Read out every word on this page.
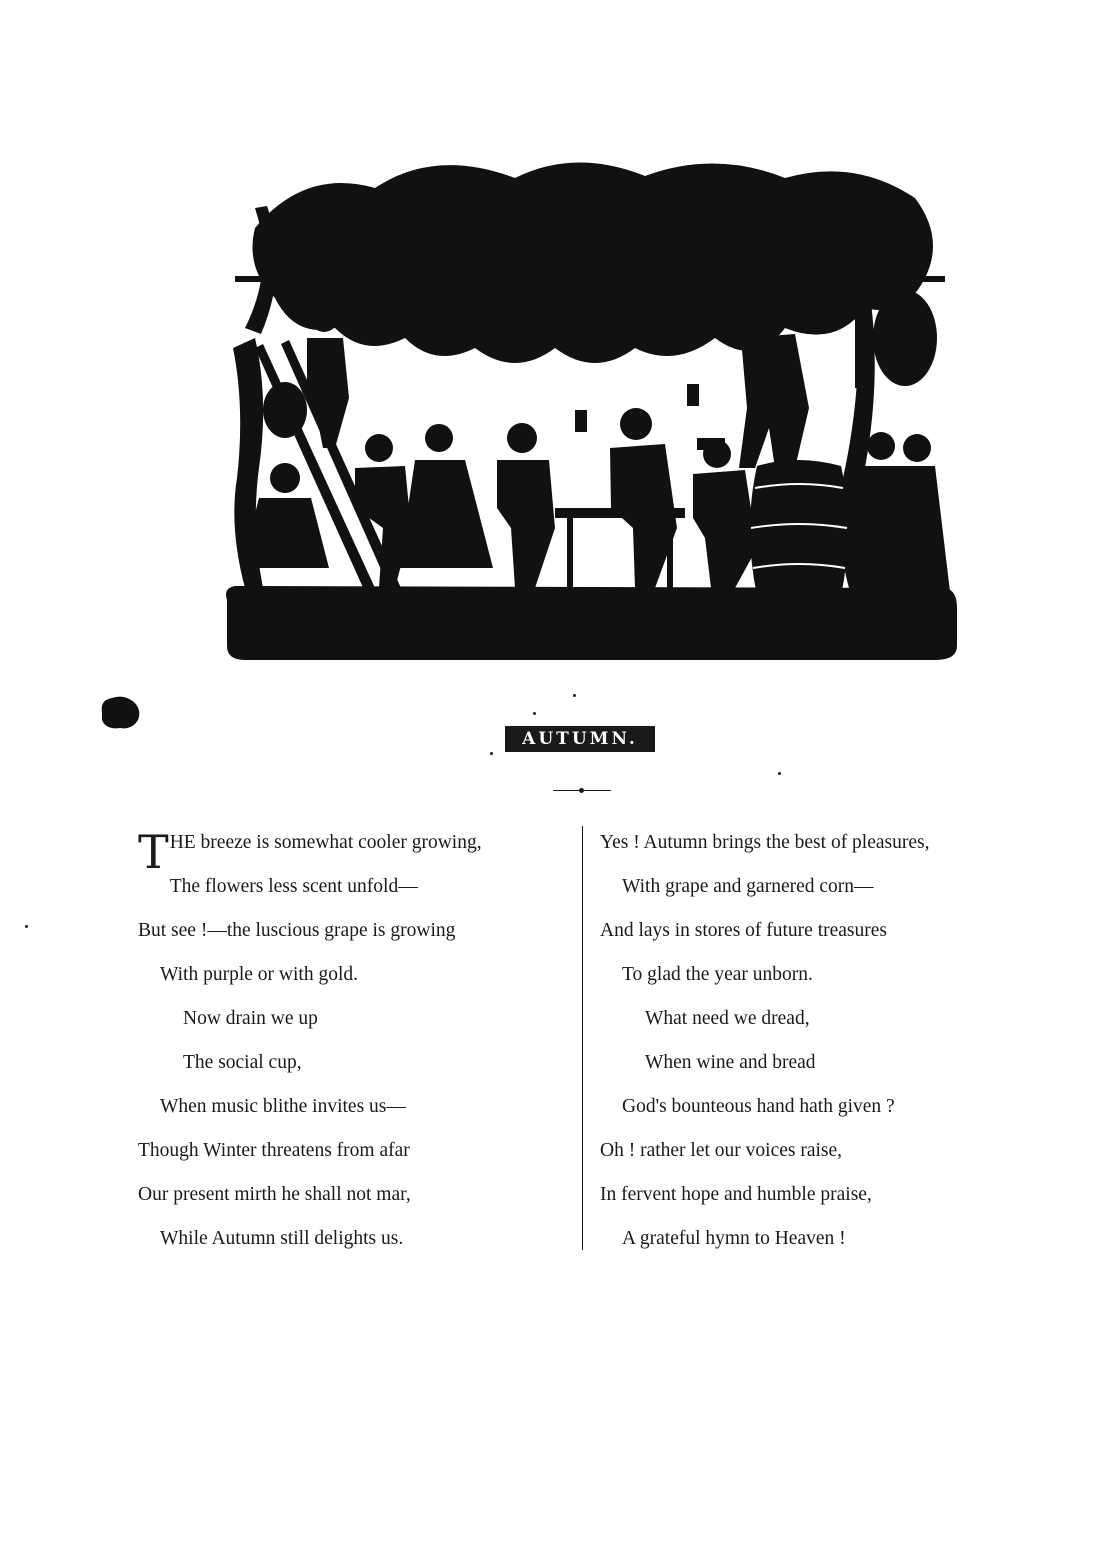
AUTUMN.
THE breeze is somewhat cooler growing,
The flowers less scent unfold—
But see !—the luscious grape is growing
With purple or with gold.
Now drain we up
The social cup,
When music blithe invites us—
Though Winter threatens from afar
Our present mirth he shall not mar,
While Autumn still delights us.
Yes ! Autumn brings the best of pleasures,
With grape and garnered corn—
And lays in stores of future treasures
To glad the year unborn.
What need we dread,
When wine and bread
God's bounteous hand hath given ?
Oh ! rather let our voices raise,
In fervent hope and humble praise,
A grateful hymn to Heaven !
